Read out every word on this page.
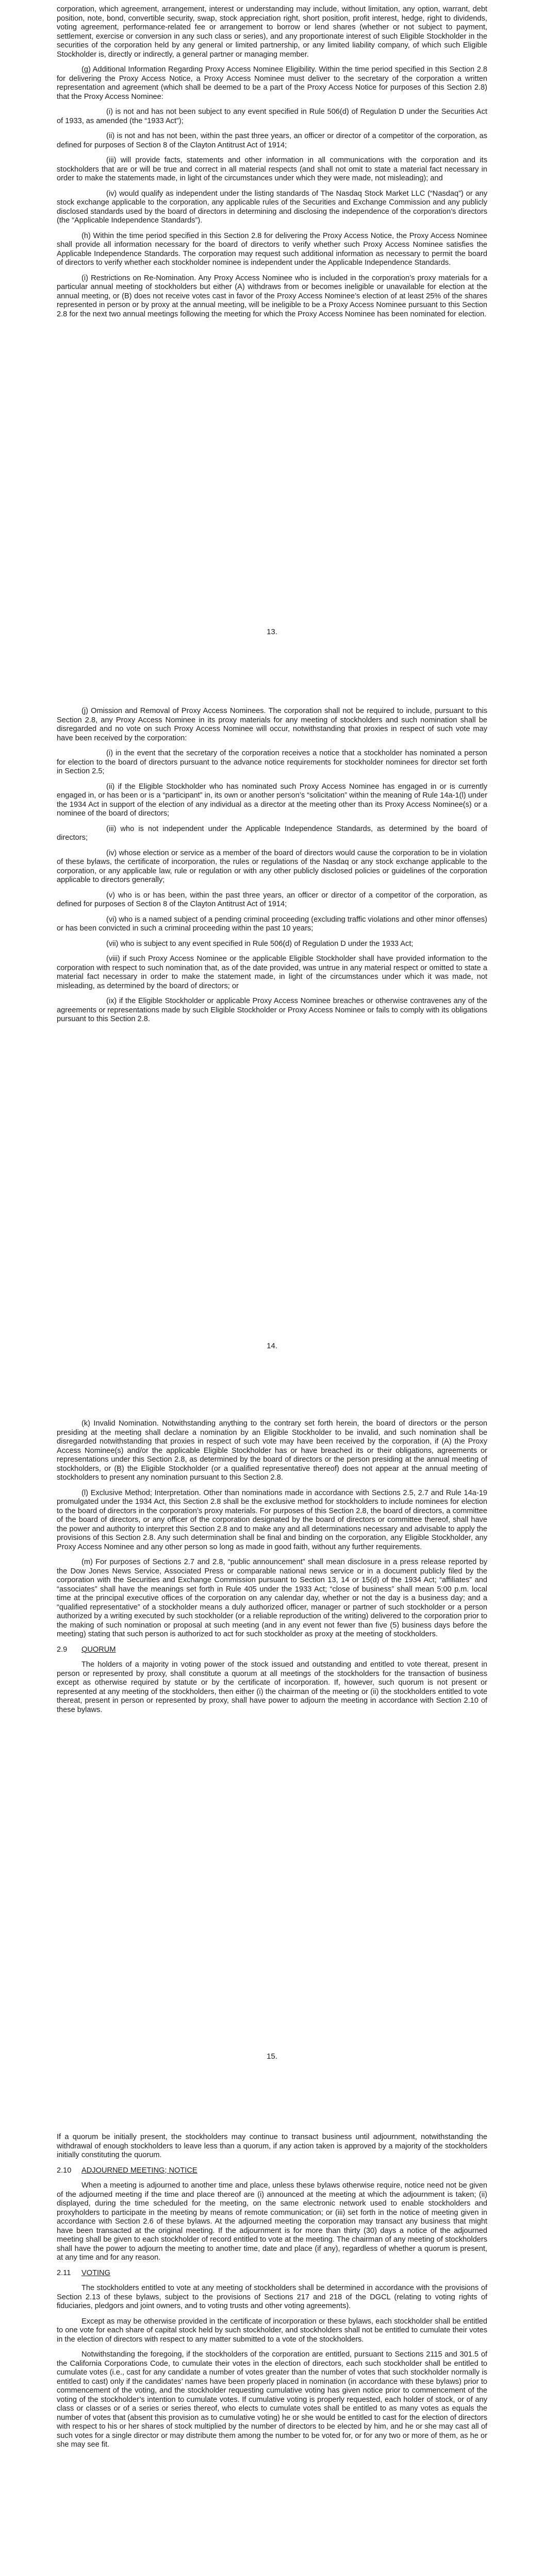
corporation, which agreement, arrangement, interest or understanding may include, without limitation, any option, warrant, debt position, note, bond, convertible security, swap, stock appreciation right, short position, profit interest, hedge, right to dividends, voting agreement, performance-related fee or arrangement to borrow or lend shares (whether or not subject to payment, settlement, exercise or conversion in any such class or series), and any proportionate interest of such Eligible Stockholder in the securities of the corporation held by any general or limited partnership, or any limited liability company, of which such Eligible Stockholder is, directly or indirectly, a general partner or managing member.

(g) Additional Information Regarding Proxy Access Nominee Eligibility. Within the time period specified in this Section 2.8 for delivering the Proxy Access Notice, a Proxy Access Nominee must deliver to the secretary of the corporation a written representation and agreement (which shall be deemed to be a part of the Proxy Access Notice for purposes of this Section 2.8) that the Proxy Access Nominee:

(i) is not and has not been subject to any event specified in Rule 506(d) of Regulation D under the Securities Act of 1933, as amended (the “1933 Act”);

(ii) is not and has not been, within the past three years, an officer or director of a competitor of the corporation, as defined for purposes of Section 8 of the Clayton Antitrust Act of 1914;

(iii) will provide facts, statements and other information in all communications with the corporation and its stockholders that are or will be true and correct in all material respects (and shall not omit to state a material fact necessary in order to make the statements made, in light of the circumstances under which they were made, not misleading); and

(iv) would qualify as independent under the listing standards of The Nasdaq Stock Market LLC (“Nasdaq”) or any stock exchange applicable to the corporation, any applicable rules of the Securities and Exchange Commission and any publicly disclosed standards used by the board of directors in determining and disclosing the independence of the corporation’s directors (the “Applicable Independence Standards”).

(h) Within the time period specified in this Section 2.8 for delivering the Proxy Access Notice, the Proxy Access Nominee shall provide all information necessary for the board of directors to verify whether such Proxy Access Nominee satisfies the Applicable Independence Standards. The corporation may request such additional information as necessary to permit the board of directors to verify whether each stockholder nominee is independent under the Applicable Independence Standards.

(i) Restrictions on Re-Nomination. Any Proxy Access Nominee who is included in the corporation’s proxy materials for a particular annual meeting of stockholders but either (A) withdraws from or becomes ineligible or unavailable for election at the annual meeting, or (B) does not receive votes cast in favor of the Proxy Access Nominee’s election of at least 25% of the shares represented in person or by proxy at the annual meeting, will be ineligible to be a Proxy Access Nominee pursuant to this Section 2.8 for the next two annual meetings following the meeting for which the Proxy Access Nominee has been nominated for election.

13.

(j) Omission and Removal of Proxy Access Nominees. The corporation shall not be required to include, pursuant to this Section 2.8, any Proxy Access Nominee in its proxy materials for any meeting of stockholders and such nomination shall be disregarded and no vote on such Proxy Access Nominee will occur, notwithstanding that proxies in respect of such vote may have been received by the corporation:

(i) in the event that the secretary of the corporation receives a notice that a stockholder has nominated a person for election to the board of directors pursuant to the advance notice requirements for stockholder nominees for director set forth in Section 2.5;

(ii) if the Eligible Stockholder who has nominated such Proxy Access Nominee has engaged in or is currently engaged in, or has been or is a “participant” in, its own or another person’s “solicitation” within the meaning of Rule 14a-1(l) under the 1934 Act in support of the election of any individual as a director at the meeting other than its Proxy Access Nominee(s) or a nominee of the board of directors;

(iii) who is not independent under the Applicable Independence Standards, as determined by the board of directors;

(iv) whose election or service as a member of the board of directors would cause the corporation to be in violation of these bylaws, the certificate of incorporation, the rules or regulations of the Nasdaq or any stock exchange applicable to the corporation, or any applicable law, rule or regulation or with any other publicly disclosed policies or guidelines of the corporation applicable to directors generally;

(v) who is or has been, within the past three years, an officer or director of a competitor of the corporation, as defined for purposes of Section 8 of the Clayton Antitrust Act of 1914;

(vi) who is a named subject of a pending criminal proceeding (excluding traffic violations and other minor offenses) or has been convicted in such a criminal proceeding within the past 10 years;

(vii) who is subject to any event specified in Rule 506(d) of Regulation D under the 1933 Act;

(viii) if such Proxy Access Nominee or the applicable Eligible Stockholder shall have provided information to the corporation with respect to such nomination that, as of the date provided, was untrue in any material respect or omitted to state a material fact necessary in order to make the statement made, in light of the circumstances under which it was made, not misleading, as determined by the board of directors; or

(ix) if the Eligible Stockholder or applicable Proxy Access Nominee breaches or otherwise contravenes any of the agreements or representations made by such Eligible Stockholder or Proxy Access Nominee or fails to comply with its obligations pursuant to this Section 2.8.

14.

(k) Invalid Nomination. Notwithstanding anything to the contrary set forth herein, the board of directors or the person presiding at the meeting shall declare a nomination by an Eligible Stockholder to be invalid, and such nomination shall be disregarded notwithstanding that proxies in respect of such vote may have been received by the corporation, if (A) the Proxy Access Nominee(s) and/or the applicable Eligible Stockholder has or have breached its or their obligations, agreements or representations under this Section 2.8, as determined by the board of directors or the person presiding at the annual meeting of stockholders, or (B) the Eligible Stockholder (or a qualified representative thereof) does not appear at the annual meeting of stockholders to present any nomination pursuant to this Section 2.8.

(l) Exclusive Method; Interpretation. Other than nominations made in accordance with Sections 2.5, 2.7 and Rule 14a-19 promulgated under the 1934 Act, this Section 2.8 shall be the exclusive method for stockholders to include nominees for election to the board of directors in the corporation’s proxy materials. For purposes of this Section 2.8, the board of directors, a committee of the board of directors, or any officer of the corporation designated by the board of directors or committee thereof, shall have the power and authority to interpret this Section 2.8 and to make any and all determinations necessary and advisable to apply the provisions of this Section 2.8. Any such determination shall be final and binding on the corporation, any Eligible Stockholder, any Proxy Access Nominee and any other person so long as made in good faith, without any further requirements.

(m) For purposes of Sections 2.7 and 2.8, “public announcement” shall mean disclosure in a press release reported by the Dow Jones News Service, Associated Press or comparable national news service or in a document publicly filed by the corporation with the Securities and Exchange Commission pursuant to Section 13, 14 or 15(d) of the 1934 Act; “affiliates” and “associates” shall have the meanings set forth in Rule 405 under the 1933 Act; “close of business” shall mean 5:00 p.m. local time at the principal executive offices of the corporation on any calendar day, whether or not the day is a business day; and a “qualified representative” of a stockholder means a duly authorized officer, manager or partner of such stockholder or a person authorized by a writing executed by such stockholder (or a reliable reproduction of the writing) delivered to the corporation prior to the making of such nomination or proposal at such meeting (and in any event not fewer than five (5) business days before the meeting) stating that such person is authorized to act for such stockholder as proxy at the meeting of stockholders.

2.9 QUORUM

The holders of a majority in voting power of the stock issued and outstanding and entitled to vote thereat, present in person or represented by proxy, shall constitute a quorum at all meetings of the stockholders for the transaction of business except as otherwise required by statute or by the certificate of incorporation. If, however, such quorum is not present or represented at any meeting of the stockholders, then either (i) the chairman of the meeting or (ii) the stockholders entitled to vote thereat, present in person or represented by proxy, shall have power to adjourn the meeting in accordance with Section 2.10 of these bylaws.

15.

If a quorum be initially present, the stockholders may continue to transact business until adjournment, notwithstanding the withdrawal of enough stockholders to leave less than a quorum, if any action taken is approved by a majority of the stockholders initially constituting the quorum.

2.10 ADJOURNED MEETING; NOTICE

When a meeting is adjourned to another time and place, unless these bylaws otherwise require, notice need not be given of the adjourned meeting if the time and place thereof are (i) announced at the meeting at which the adjournment is taken; (ii) displayed, during the time scheduled for the meeting, on the same electronic network used to enable stockholders and proxyholders to participate in the meeting by means of remote communication; or (iii) set forth in the notice of meeting given in accordance with Section 2.6 of these bylaws. At the adjourned meeting the corporation may transact any business that might have been transacted at the original meeting. If the adjournment is for more than thirty (30) days a notice of the adjourned meeting shall be given to each stockholder of record entitled to vote at the meeting. The chairman of any meeting of stockholders shall have the power to adjourn the meeting to another time, date and place (if any), regardless of whether a quorum is present, at any time and for any reason.

2.11 VOTING

The stockholders entitled to vote at any meeting of stockholders shall be determined in accordance with the provisions of Section 2.13 of these bylaws, subject to the provisions of Sections 217 and 218 of the DGCL (relating to voting rights of fiduciaries, pledgors and joint owners, and to voting trusts and other voting agreements).

Except as may be otherwise provided in the certificate of incorporation or these bylaws, each stockholder shall be entitled to one vote for each share of capital stock held by such stockholder, and stockholders shall not be entitled to cumulate their votes in the election of directors with respect to any matter submitted to a vote of the stockholders.

Notwithstanding the foregoing, if the stockholders of the corporation are entitled, pursuant to Sections 2115 and 301.5 of the California Corporations Code, to cumulate their votes in the election of directors, each such stockholder shall be entitled to cumulate votes (i.e., cast for any candidate a number of votes greater than the number of votes that such stockholder normally is entitled to cast) only if the candidates’ names have been properly placed in nomination (in accordance with these bylaws) prior to commencement of the voting, and the stockholder requesting cumulative voting has given notice prior to commencement of the voting of the stockholder’s intention to cumulate votes. If cumulative voting is properly requested, each holder of stock, or of any class or classes or of a series or series thereof, who elects to cumulate votes shall be entitled to as many votes as equals the number of votes that (absent this provision as to cumulative voting) he or she would be entitled to cast for the election of directors with respect to his or her shares of stock multiplied by the number of directors to be elected by him, and he or she may cast all of such votes for a single director or may distribute them among the number to be voted for, or for any two or more of them, as he or she may see fit.
